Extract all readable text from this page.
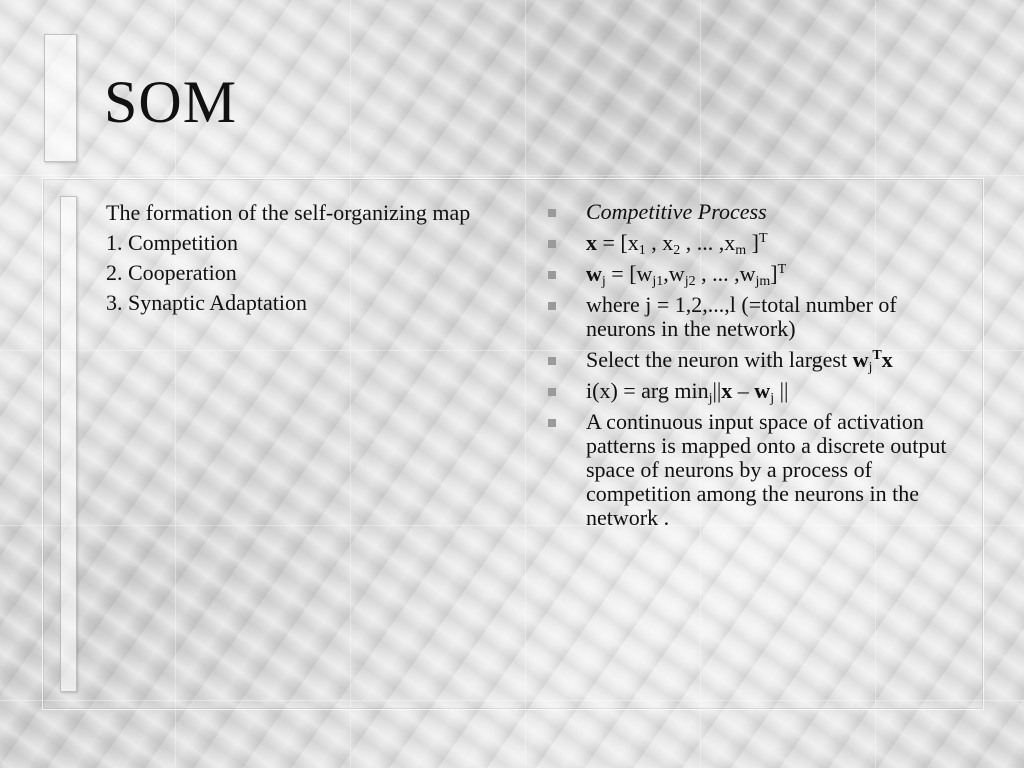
SOM
The formation of the self-organizing map
1. Competition
2. Cooperation
3. Synaptic Adaptation
Competitive Process
$x = [x_1$ , $x_2$ , ... $,x_m$ ]$^T$
$w_j = [w_{j1},w_{j2}$ , ... $,w_{jm}]^T$
where j = 1,2,...,l (=total number of neurons in the network)
Select the neuron with largest $w_j^Tx$
i(x) = arg $\min_j||x - w_j$ ||
A continuous input space of activation patterns is mapped onto a discrete output space of neurons by a process of competition among the neurons in the network .
